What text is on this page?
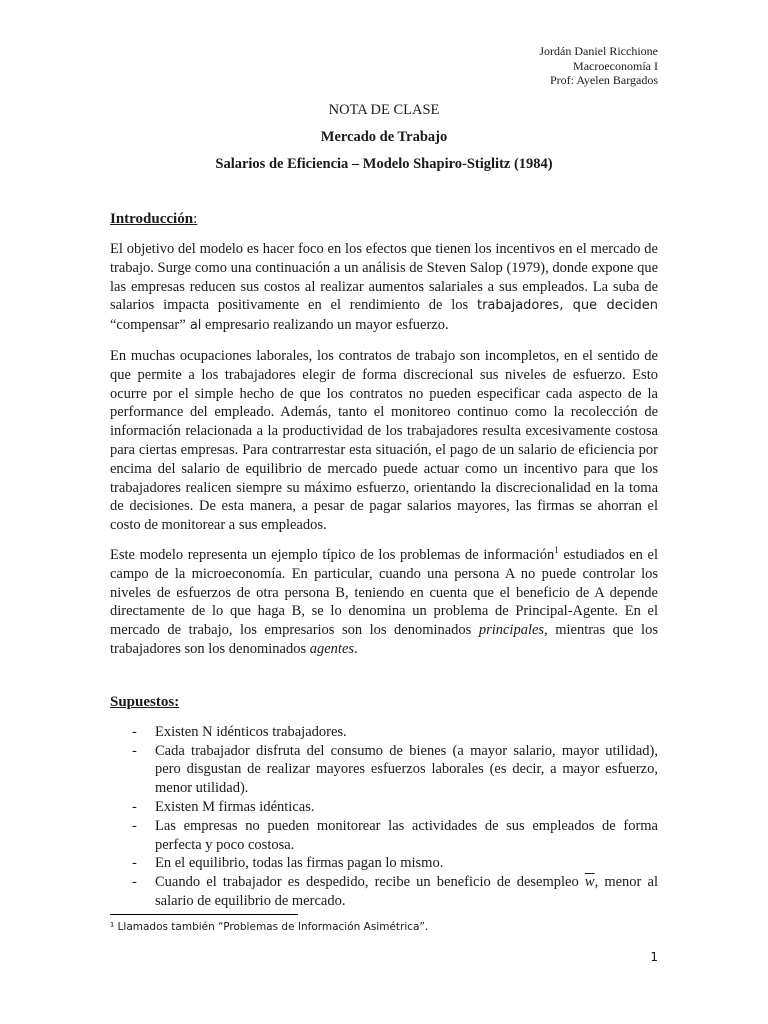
Jordán Daniel Ricchione
Macroeconomía I
Prof: Ayelen Bargados
NOTA DE CLASE
Mercado de Trabajo
Salarios de Eficiencia – Modelo Shapiro-Stiglitz (1984)
Introducción:

El objetivo del modelo es hacer foco en los efectos que tienen los incentivos en el mercado de trabajo. Surge como una continuación a un análisis de Steven Salop (1979), donde expone que las empresas reducen sus costos al realizar aumentos salariales a sus empleados. La suba de salarios impacta positivamente en el rendimiento de los trabajadores, que deciden “compensar” al empresario realizando un mayor esfuerzo.

En muchas ocupaciones laborales, los contratos de trabajo son incompletos, en el sentido de que permite a los trabajadores elegir de forma discrecional sus niveles de esfuerzo. Esto ocurre por el simple hecho de que los contratos no pueden especificar cada aspecto de la performance del empleado. Además, tanto el monitoreo continuo como la recolección de información relacionada a la productividad de los trabajadores resulta excesivamente costosa para ciertas empresas. Para contrarrestar esta situación, el pago de un salario de eficiencia por encima del salario de equilibrio de mercado puede actuar como un incentivo para que los trabajadores realicen siempre su máximo esfuerzo, orientando la discrecionalidad en la toma de decisiones. De esta manera, a pesar de pagar salarios mayores, las firmas se ahorran el costo de monitorear a sus empleados.

Este modelo representa un ejemplo típico de los problemas de información$^1$ estudiados en el campo de la microeconomía. En particular, cuando una persona A no puede controlar los niveles de esfuerzos de otra persona B, teniendo en cuenta que el beneficio de A depende directamente de lo que haga B, se lo denomina un problema de Principal-Agente. En el mercado de trabajo, los empresarios son los denominados principales, mientras que los trabajadores son los denominados agentes.

Supuestos:
- Existen N idénticos trabajadores.
- Cada trabajador disfruta del consumo de bienes (a mayor salario, mayor utilidad), pero disgustan de realizar mayores esfuerzos laborales (es decir, a mayor esfuerzo, menor utilidad).
- Existen M firmas idénticas.
- Las empresas no pueden monitorear las actividades de sus empleados de forma perfecta y poco costosa.
- En el equilibrio, todas las firmas pagan lo mismo.
- Cuando el trabajador es despedido, recibe un beneficio de desempleo $\overline{w}$, menor al salario de equilibrio de mercado.
¹ Llamados también “Problemas de Información Asimétrica”.
1
